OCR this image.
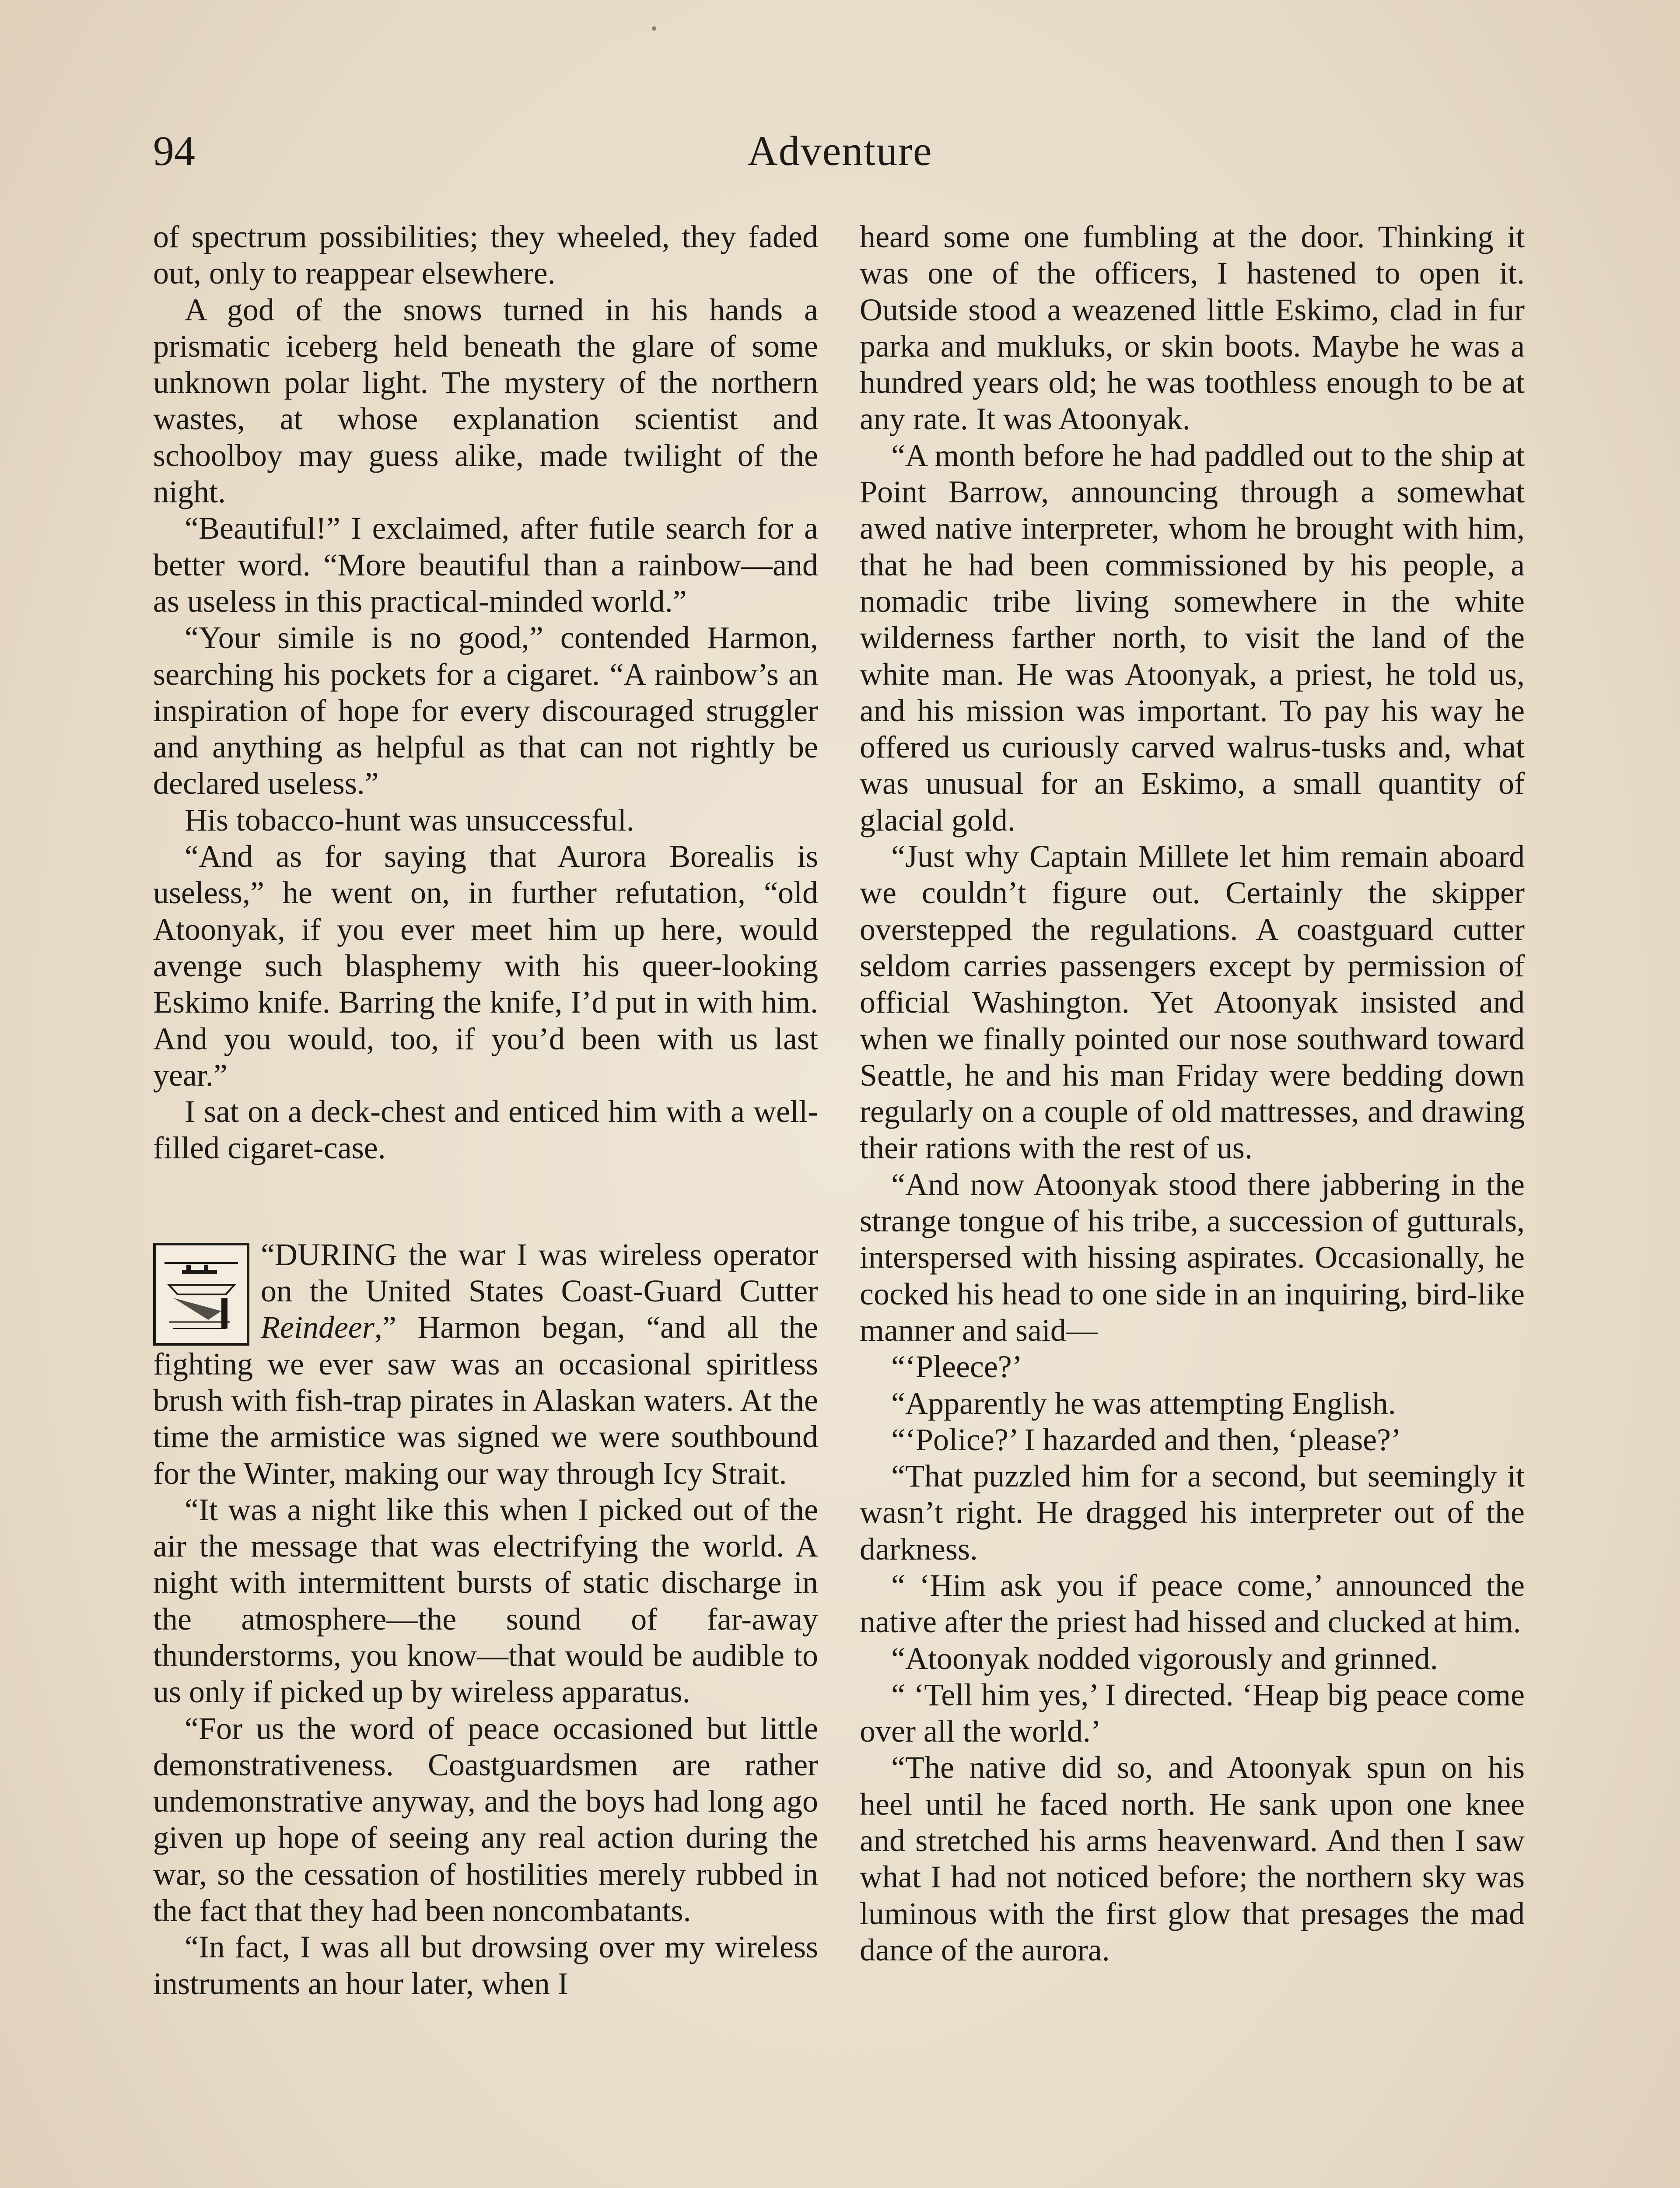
94	Adventure

of spectrum possibilities; they wheeled, they faded out, only to reappear elsewhere.

A god of the snows turned in his hands a prismatic iceberg held beneath the glare of some unknown polar light. The mystery of the northern wastes, at whose explanation scientist and schoolboy may guess alike, made twilight of the night.

“Beautiful!” I exclaimed, after futile search for a better word. “More beautiful than a rainbow—and as useless in this practical-minded world.”

“Your simile is no good,” contended Harmon, searching his pockets for a cigaret. “A rainbow’s an inspiration of hope for every discouraged struggler and anything as helpful as that can not rightly be declared useless.”

His tobacco-hunt was unsuccessful.

“And as for saying that Aurora Borealis is useless,” he went on, in further refutation, “old Atoonyak, if you ever meet him up here, would avenge such blasphemy with his queer-looking Eskimo knife. Barring the knife, I’d put in with him. And you would, too, if you’d been with us last year.”

I sat on a deck-chest and enticed him with a well-filled cigaret-case.

“DURING the war I was wireless operator on the United States Coast-Guard Cutter Reindeer,” Harmon began, “and all the fighting we ever saw was an occasional spiritless brush with fish-trap pirates in Alaskan waters. At the time the armistice was signed we were southbound for the Winter, making our way through Icy Strait.

“It was a night like this when I picked out of the air the message that was electrifying the world. A night with intermittent bursts of static discharge in the atmosphere—the sound of far-away thunderstorms, you know—that would be audible to us only if picked up by wireless apparatus.

“For us the word of peace occasioned but little demonstrativeness. Coastguardsmen are rather undemonstrative anyway, and the boys had long ago given up hope of seeing any real action during the war, so the cessation of hostilities merely rubbed in the fact that they had been noncombatants.

“In fact, I was all but drowsing over my wireless instruments an hour later, when I

heard some one fumbling at the door. Thinking it was one of the officers, I hastened to open it. Outside stood a weazened little Eskimo, clad in fur parka and mukluks, or skin boots. Maybe he was a hundred years old; he was toothless enough to be at any rate. It was Atoonyak.

“A month before he had paddled out to the ship at Point Barrow, announcing through a somewhat awed native interpreter, whom he brought with him, that he had been commissioned by his people, a nomadic tribe living somewhere in the white wilderness farther north, to visit the land of the white man. He was Atoonyak, a priest, he told us, and his mission was important. To pay his way he offered us curiously carved walrus-tusks and, what was unusual for an Eskimo, a small quantity of glacial gold.

“Just why Captain Millete let him remain aboard we couldn’t figure out. Certainly the skipper overstepped the regulations. A coastguard cutter seldom carries passengers except by permission of official Washington. Yet Atoonyak insisted and when we finally pointed our nose southward toward Seattle, he and his man Friday were bedding down regularly on a couple of old mattresses, and drawing their rations with the rest of us.

“And now Atoonyak stood there jabbering in the strange tongue of his tribe, a succession of gutturals, interspersed with hissing aspirates. Occasionally, he cocked his head to one side in an inquiring, bird-like manner and said—

“‘Pleece?’

“Apparently he was attempting English.

“‘Police?’ I hazarded and then, ‘please?’

“That puzzled him for a second, but seemingly it wasn’t right. He dragged his interpreter out of the darkness.

“ ‘Him ask you if peace come,’ announced the native after the priest had hissed and clucked at him.

“Atoonyak nodded vigorously and grinned.

“ ‘Tell him yes,’ I directed. ‘Heap big peace come over all the world.’

“The native did so, and Atoonyak spun on his heel until he faced north. He sank upon one knee and stretched his arms heavenward. And then I saw what I had not noticed before; the northern sky was luminous with the first glow that presages the mad dance of the aurora.
